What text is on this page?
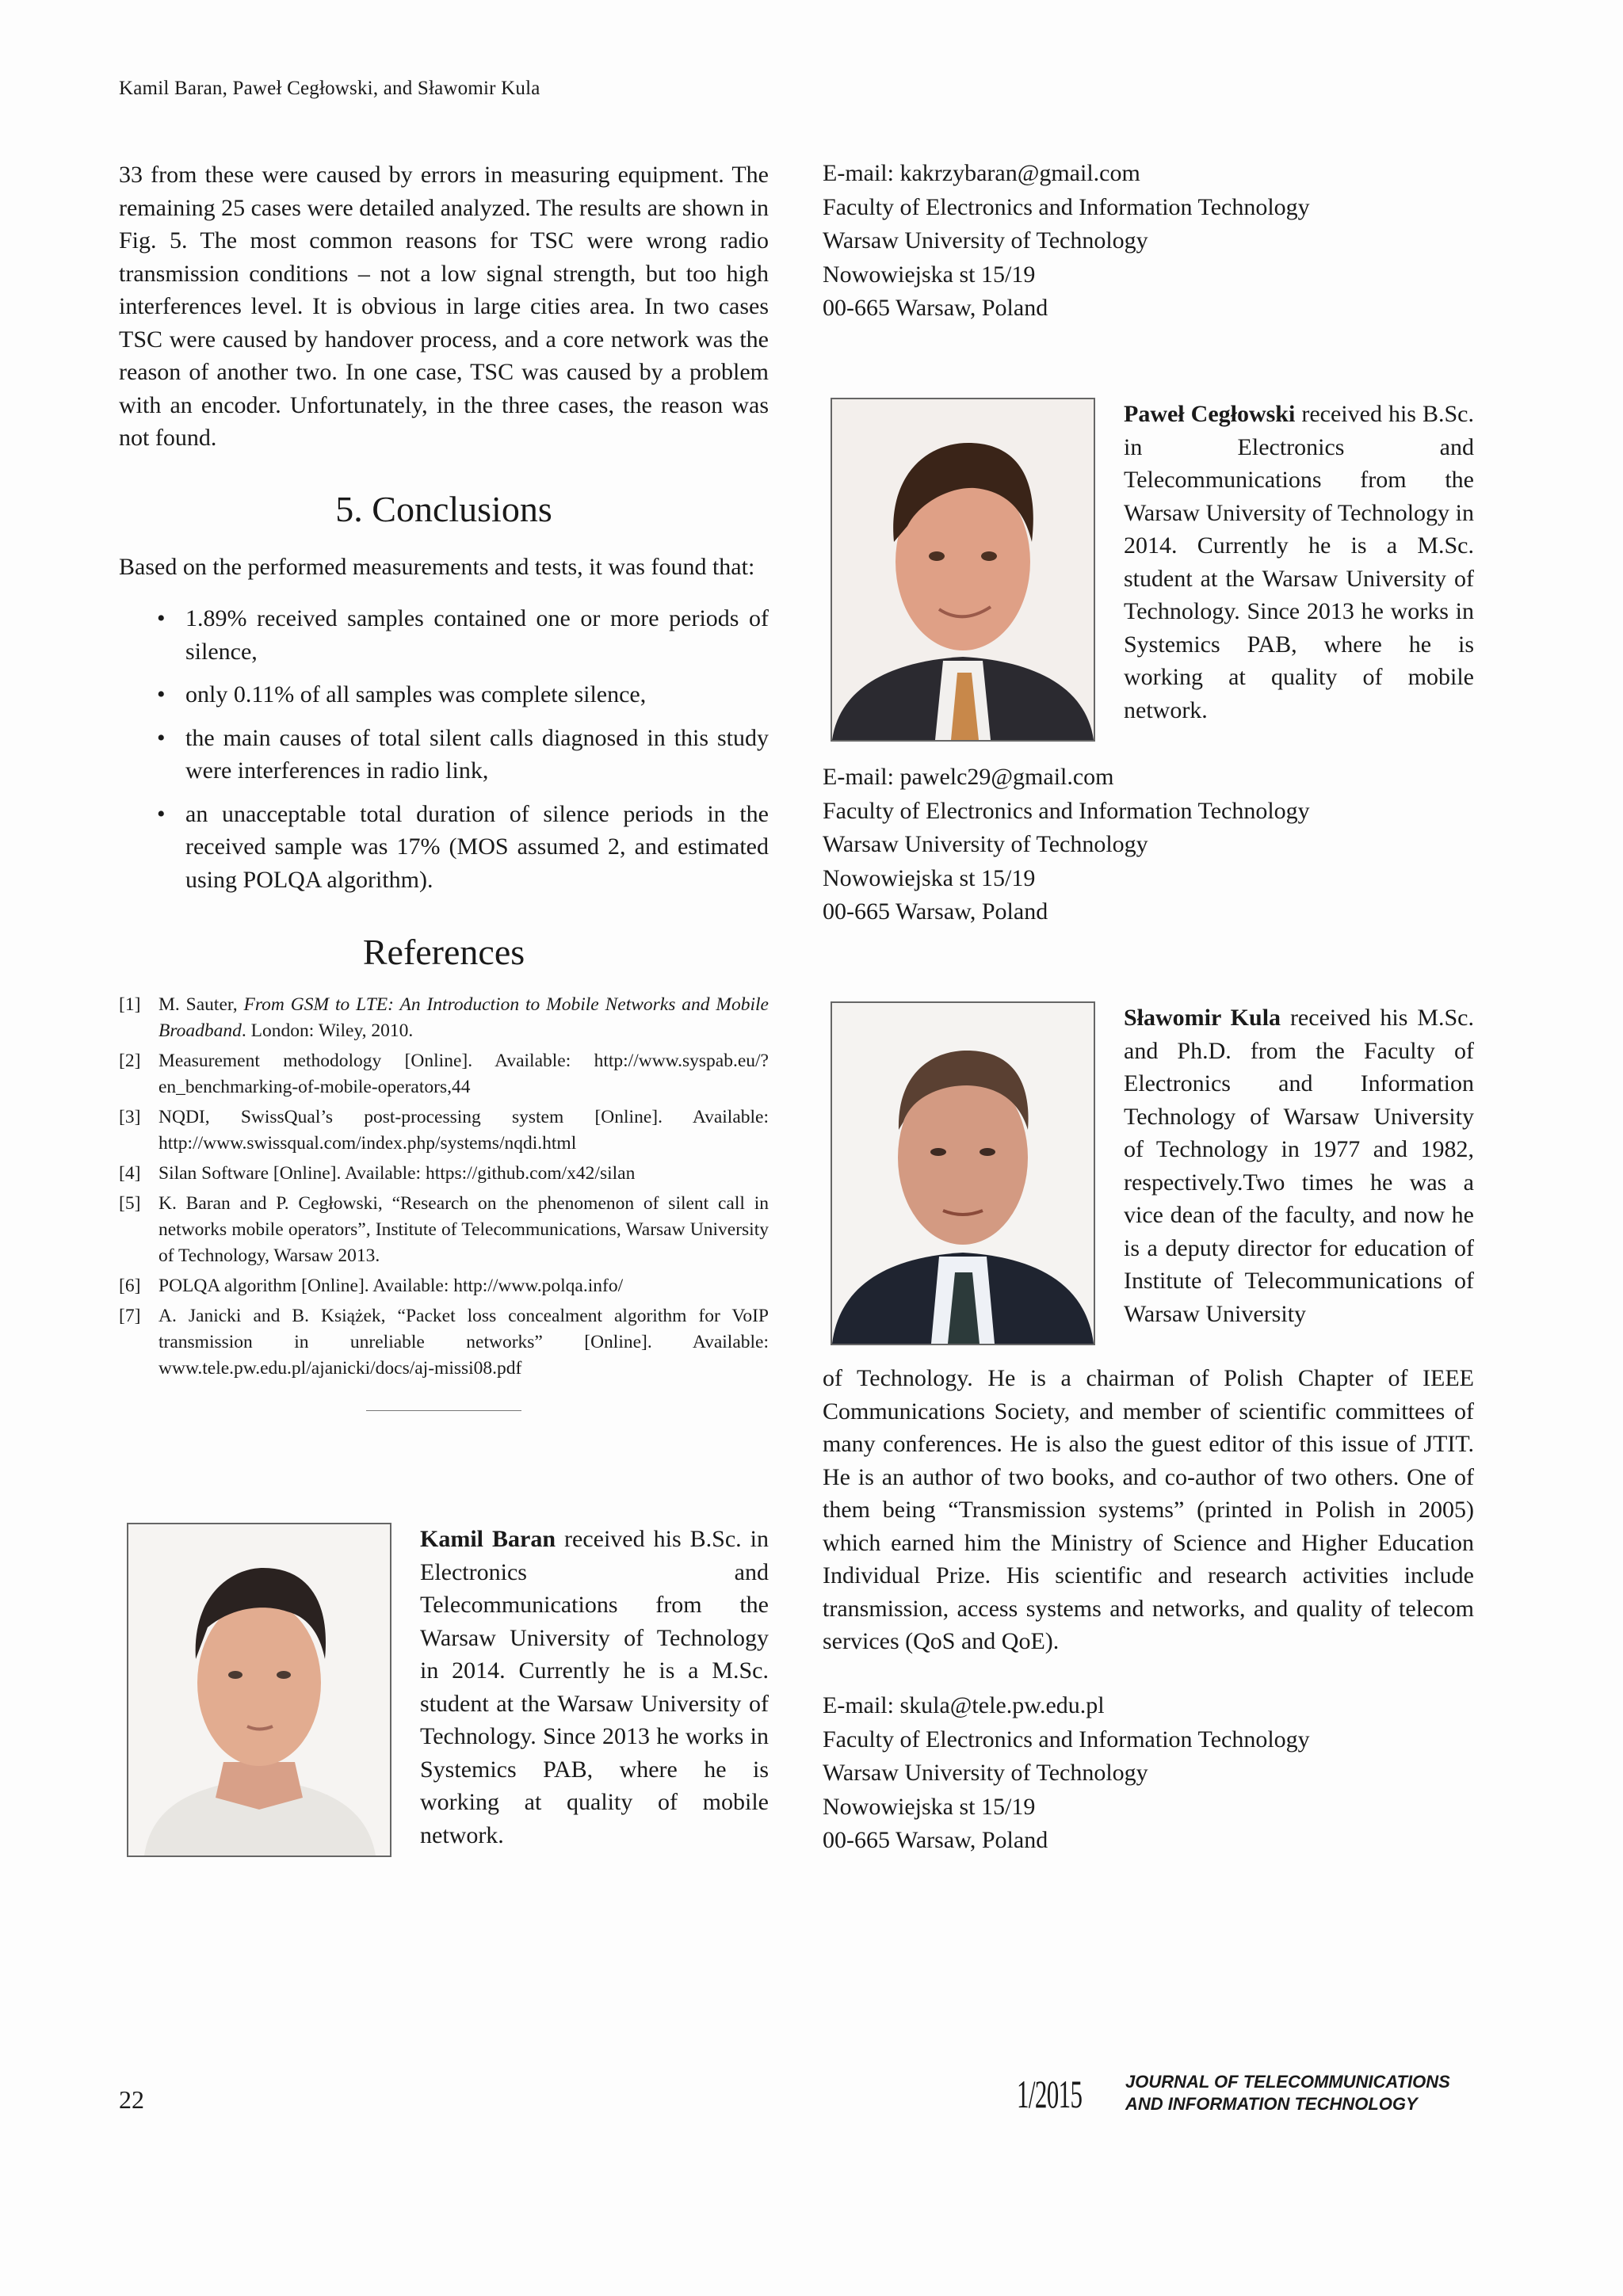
Kamil Baran, Paweł Cegłowski, and Sławomir Kula

33 from these were caused by errors in measuring equipment. The remaining 25 cases were detailed analyzed. The results are shown in Fig. 5. The most common reasons for TSC were wrong radio transmission conditions – not a low signal strength, but too high interferences level. It is obvious in large cities area. In two cases TSC were caused by handover process, and a core network was the reason of another two. In one case, TSC was caused by a problem with an encoder. Unfortunately, in the three cases, the reason was not found.

5. Conclusions

Based on the performed measurements and tests, it was found that:

• 1.89% received samples contained one or more periods of silence,
• only 0.11% of all samples was complete silence,
• the main causes of total silent calls diagnosed in this study were interferences in radio link,
• an unacceptable total duration of silence periods in the received sample was 17% (MOS assumed 2, and estimated using POLQA algorithm).
References
[1] M. Sauter, From GSM to LTE: An Introduction to Mobile Networks and Mobile Broadband. London: Wiley, 2010.
[2] Measurement methodology [Online]. Available: http://www.syspab.eu/?en_benchmarking-of-mobile-operators,44
[3] NQDI, SwissQual’s post-processing system [Online]. Available: http://www.swissqual.com/index.php/systems/nqdi.html
[4] Silan Software [Online]. Available: https://github.com/x42/silan
[5] K. Baran and P. Cegłowski, “Research on the phenomenon of silent call in networks mobile operators”, Institute of Telecommunications, Warsaw University of Technology, Warsaw 2013.
[6] POLQA algorithm [Online]. Available: http://www.polqa.info/
[7] A. Janicki and B. Książek, “Packet loss concealment algorithm for VoIP transmission in unreliable networks” [Online]. Available: www.tele.pw.edu.pl/ajanicki/docs/aj-missi08.pdf
Kamil Baran received his B.Sc. in Electronics and Telecommunications from the Warsaw University of Technology in 2014. Currently he is a M.Sc. student at the Warsaw University of Technology. Since 2013 he works in Systemics PAB, where he is working at quality of mobile network.
E-mail: kakrzybaran@gmail.com
Faculty of Electronics and Information Technology
Warsaw University of Technology
Nowowiejska st 15/19
00-665 Warsaw, Poland
Paweł Cegłowski received his B.Sc. in Electronics and Telecommunications from the Warsaw University of Technology in 2014. Currently he is a M.Sc. student at the Warsaw University of Technology. Since 2013 he works in Systemics PAB, where he is working at quality of mobile network.
E-mail: pawelc29@gmail.com
Faculty of Electronics and Information Technology
Warsaw University of Technology
Nowowiejska st 15/19
00-665 Warsaw, Poland
Sławomir Kula received his M.Sc. and Ph.D. from the Faculty of Electronics and Information Technology of Warsaw University of Technology in 1977 and 1982, respectively.Two times he was a vice dean of the faculty, and now he is a deputy director for education of Institute of Telecommunications of Warsaw University
of Technology. He is a chairman of Polish Chapter of IEEE Communications Society, and member of scientific committees of many conferences. He is also the guest editor of this issue of JTIT. He is an author of two books, and co-author of two others. One of them being “Transmission systems” (printed in Polish in 2005) which earned him the Ministry of Science and Higher Education Individual Prize. His scientific and research activities include transmission, access systems and networks, and quality of telecom services (QoS and QoE).
E-mail: skula@tele.pw.edu.pl
Faculty of Electronics and Information Technology
Warsaw University of Technology
Nowowiejska st 15/19
00-665 Warsaw, Poland
22	1/2015 JOURNAL OF TELECOMMUNICATIONS
AND INFORMATION TECHNOLOGY
